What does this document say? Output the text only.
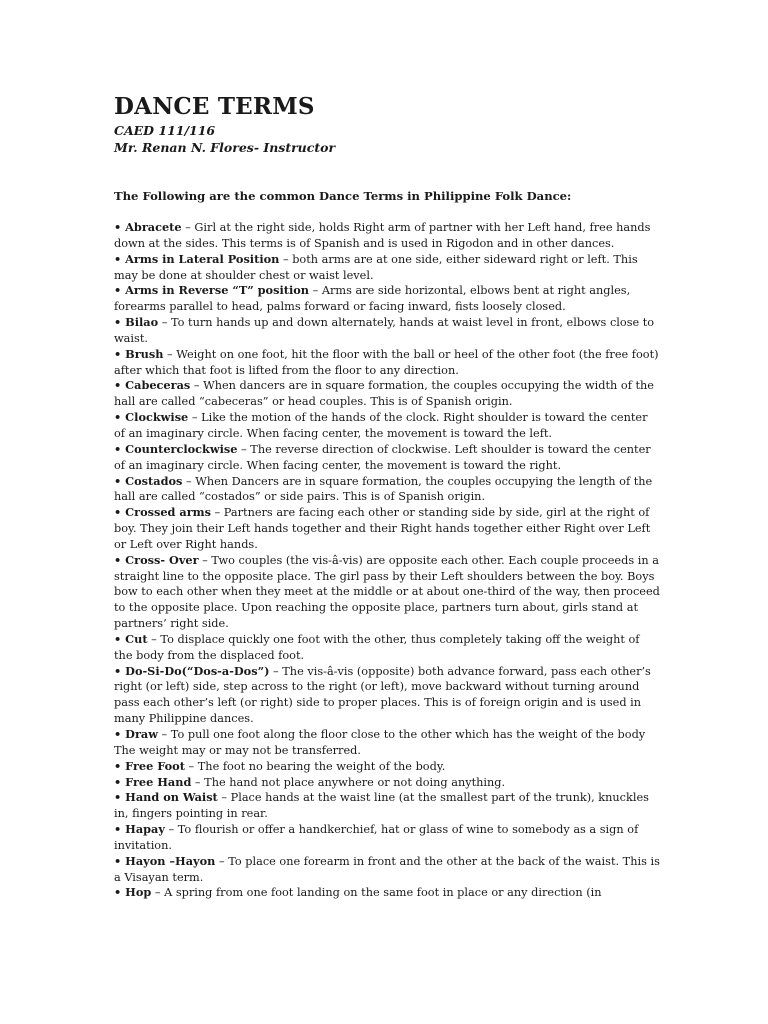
DANCE TERMS

CAED 111/116

Mr. Renan N. Flores- Instructor

The Following are the common Dance Terms in Philippine Folk Dance:

• Abracete – Girl at the right side, holds Right arm of partner with her Left hand, free hands down at the sides. This terms is of Spanish and is used in Rigodon and in other dances.

• Arms in Lateral Position – both arms are at one side, either sideward right or left. This may be done at shoulder chest or waist level.

• Arms in Reverse “T” position – Arms are side horizontal, elbows bent at right angles, forearms parallel to head, palms forward or facing inward, fists loosely closed.

• Bilao – To turn hands up and down alternately, hands at waist level in front, elbows close to waist.

• Brush – Weight on one foot, hit the floor with the ball or heel of the other foot (the free foot) after which that foot is lifted from the floor to any direction.

• Cabeceras – When dancers are in square formation, the couples occupying the width of the hall are called “cabeceras” or head couples. This is of Spanish origin.

• Clockwise – Like the motion of the hands of the clock. Right shoulder is toward the center of an imaginary circle. When facing center, the movement is toward the left.

• Counterclockwise – The reverse direction of clockwise. Left shoulder is toward the center of an imaginary circle. When facing center, the movement is toward the right.

• Costados – When Dancers are in square formation, the couples occupying the length of the hall are called “costados” or side pairs. This is of Spanish origin.

• Crossed arms – Partners are facing each other or standing side by side, girl at the right of boy. They join their Left hands together and their Right hands together either Right over Left or Left over Right hands.

• Cross- Over – Two couples (the vis-â-vis) are opposite each other. Each couple proceeds in a straight line to the opposite place. The girl pass by their Left shoulders between the boy. Boys bow to each other when they meet at the middle or at about one-third of the way, then proceed to the opposite place. Upon reaching the opposite place, partners turn about, girls stand at partners’ right side.

• Cut – To displace quickly one foot with the other, thus completely taking off the weight of the body from the displaced foot.

• Do-Si-Do(“Dos-a-Dos”) – The vis-â-vis (opposite) both advance forward, pass each other’s right (or left) side, step across to the right (or left), move backward without turning around pass each other’s left (or right) side to proper places. This is of foreign origin and is used in many Philippine dances.

• Draw – To pull one foot along the floor close to the other which has the weight of the body The weight may or may not be transferred.

• Free Foot – The foot no bearing the weight of the body.

• Free Hand – The hand not place anywhere or not doing anything.

• Hand on Waist – Place hands at the waist line (at the smallest part of the trunk), knuckles in, fingers pointing in rear.

• Hapay – To flourish or offer a handkerchief, hat or glass of wine to somebody as a sign of invitation.

• Hayon –Hayon – To place one forearm in front and the other at the back of the waist. This is a Visayan term.

• Hop – A spring from one foot landing on the same foot in place or any direction (in
